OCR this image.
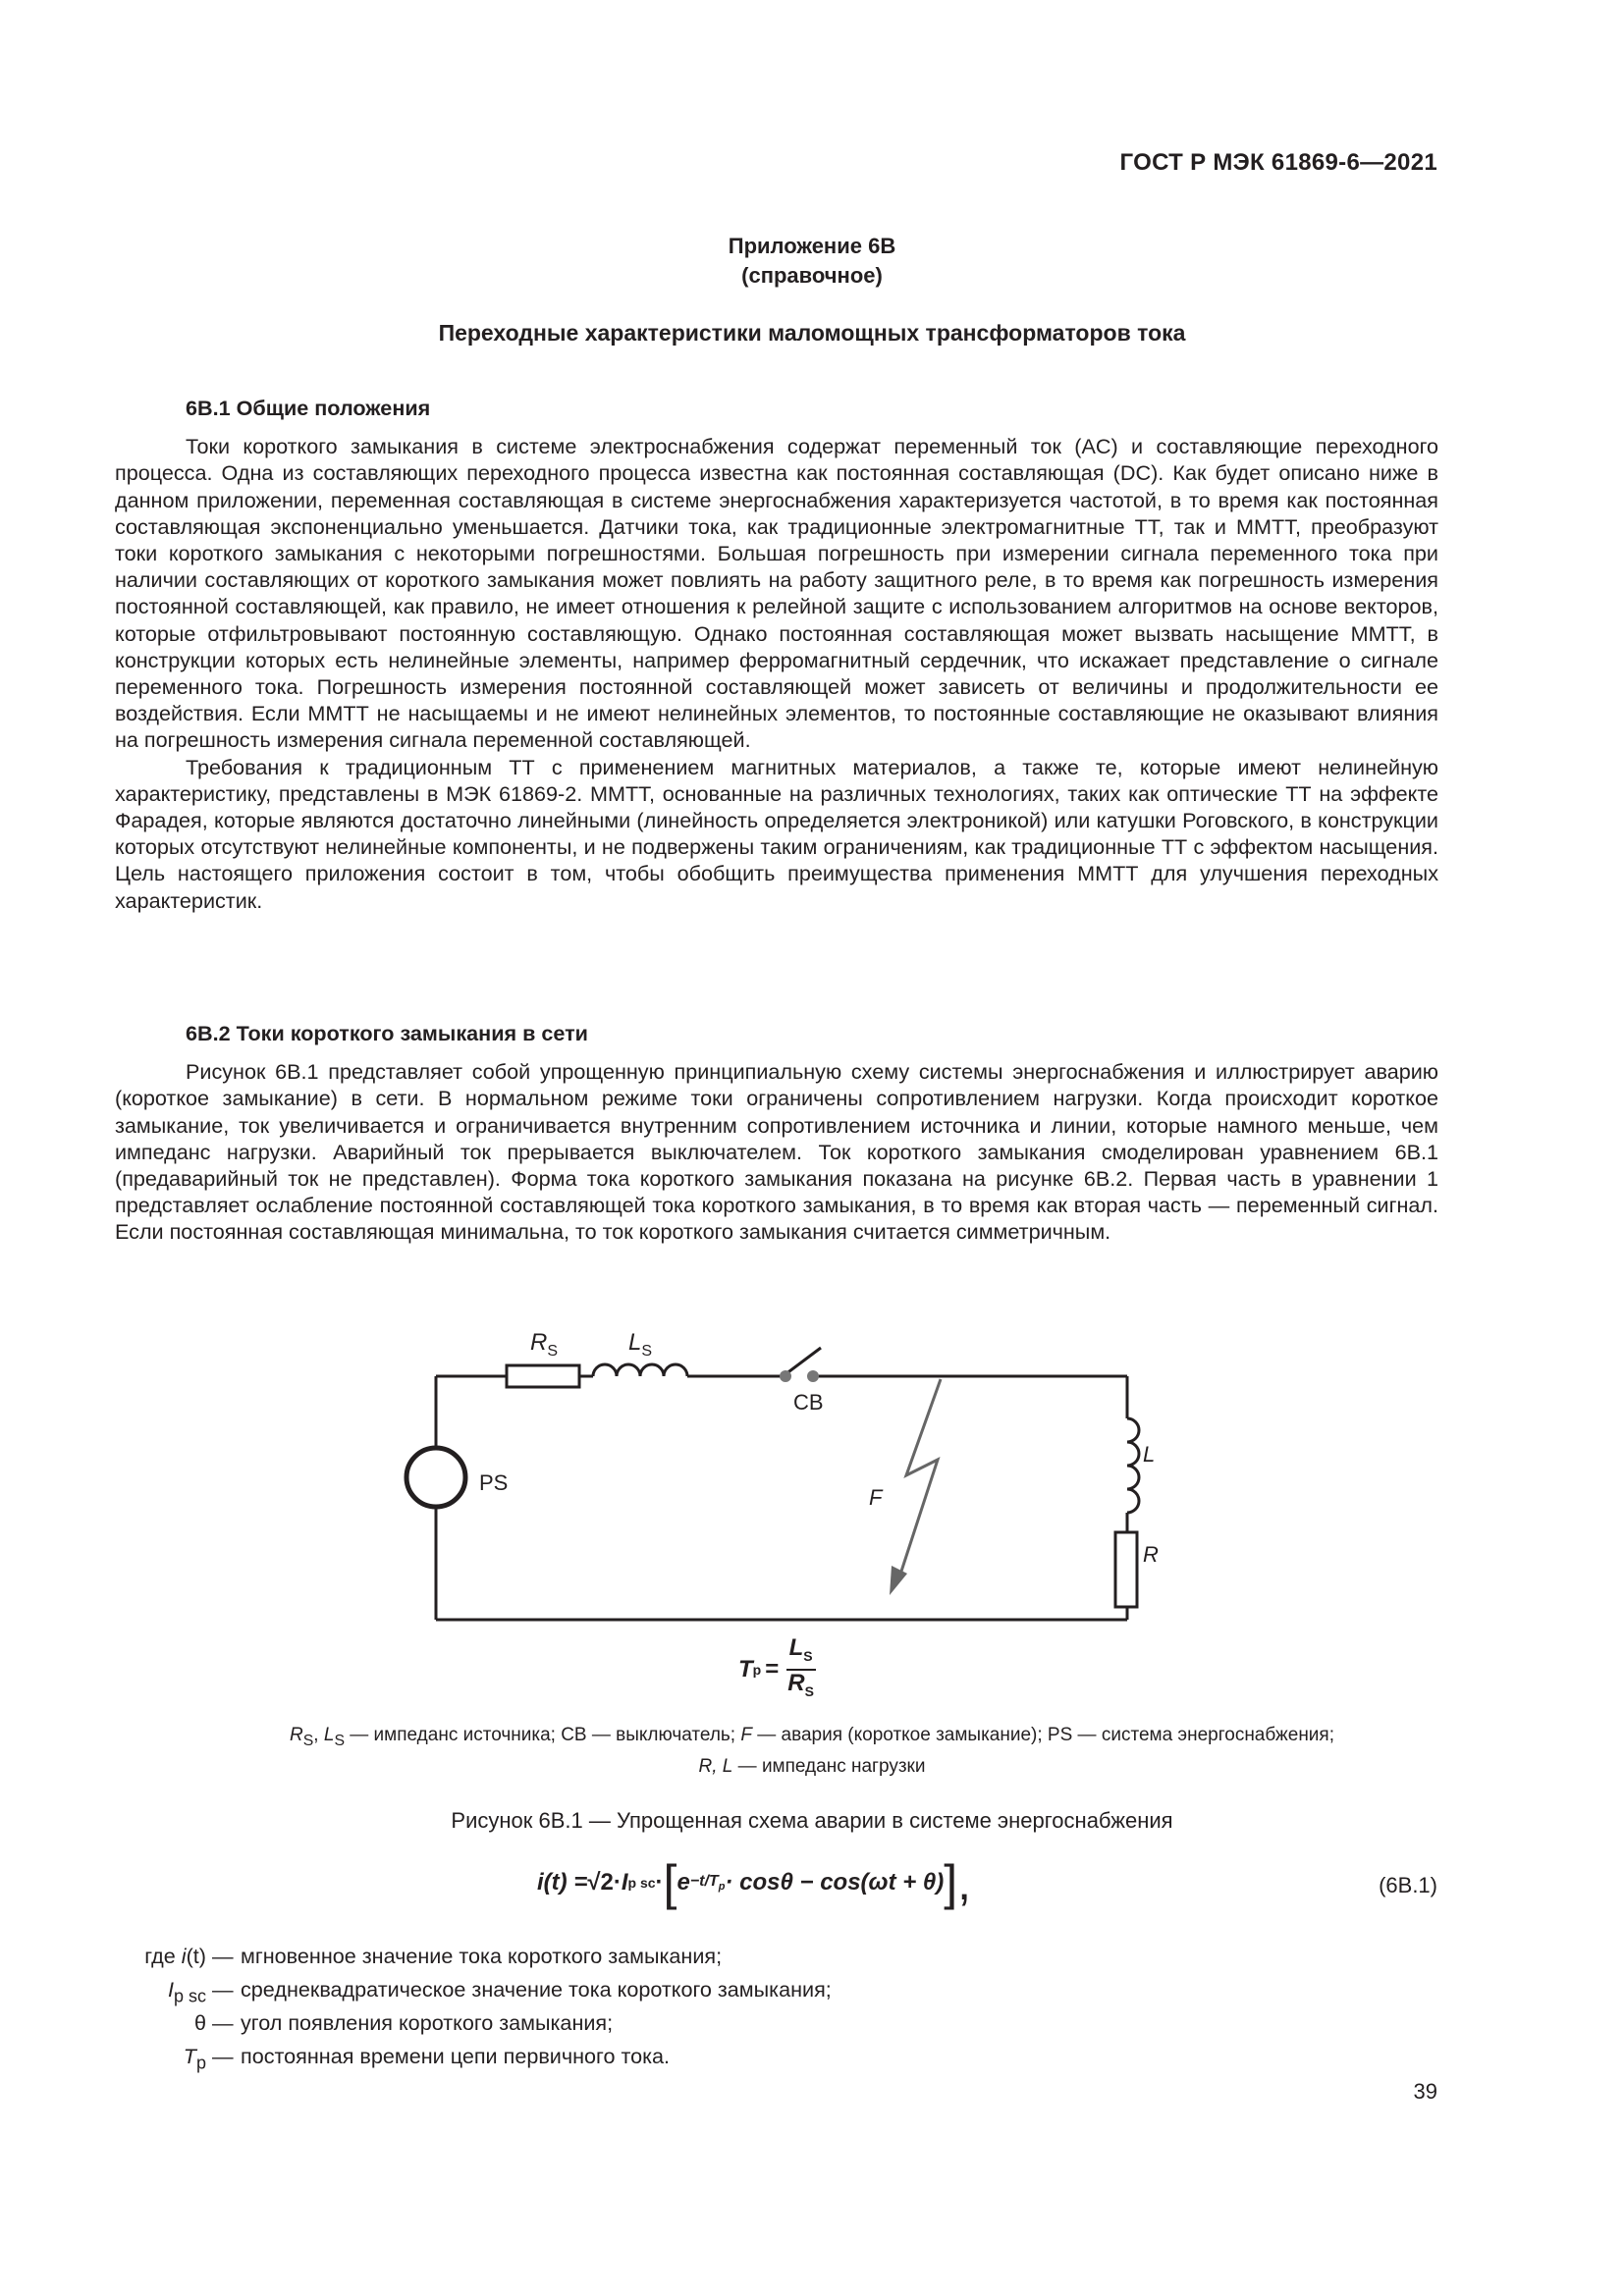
ГОСТ Р МЭК 61869-6—2021
Приложение 6В
(справочное)
Переходные характеристики маломощных трансформаторов тока
6В.1 Общие положения

Токи короткого замыкания в системе электроснабжения содержат переменный ток (AC) и составляющие переходного процесса. Одна из составляющих переходного процесса известна как постоянная составляющая (DC). Как будет описано ниже в данном приложении, переменная составляющая в системе энергоснабжения характеризуется частотой, в то время как постоянная составляющая экспоненциально уменьшается. Датчики тока, как традиционные электромагнитные ТТ, так и ММТТ, преобразуют токи короткого замыкания с некоторыми погрешностями. Большая погрешность при измерении сигнала переменного тока при наличии составляющих от короткого замыкания может повлиять на работу защитного реле, в то время как погрешность измерения постоянной составляющей, как правило, не имеет отношения к релейной защите с использованием алгоритмов на основе векторов, которые отфильтровывают постоянную составляющую. Однако постоянная составляющая может вызвать насыщение ММТТ, в конструкции которых есть нелинейные элементы, например ферромагнитный сердечник, что искажает представление о сигнале переменного тока. Погрешность измерения постоянной составляющей может зависеть от величины и продолжительности ее воздействия. Если ММТТ не насыщаемы и не имеют нелинейных элементов, то постоянные составляющие не оказывают влияния на погрешность измерения сигнала переменной составляющей.

Требования к традиционным ТТ с применением магнитных материалов, а также те, которые имеют нелинейную характеристику, представлены в МЭК 61869-2. ММТТ, основанные на различных технологиях, таких как оптические ТТ на эффекте Фарадея, которые являются достаточно линейными (линейность определяется электроникой) или катушки Роговского, в конструкции которых отсутствуют нелинейные компоненты, и не подвержены таким ограничениям, как традиционные ТТ с эффектом насыщения. Цель настоящего приложения состоит в том, чтобы обобщить преимущества применения ММТТ для улучшения переходных характеристик.

6В.2 Токи короткого замыкания в сети

Рисунок 6В.1 представляет собой упрощенную принципиальную схему системы энергоснабжения и иллюстрирует аварию (короткое замыкание) в сети. В нормальном режиме токи ограничены сопротивлением нагрузки. Когда происходит короткое замыкание, ток увеличивается и ограничивается внутренним сопротивлением источника и линии, которые намного меньше, чем импеданс нагрузки. Аварийный ток прерывается выключателем. Ток короткого замыкания смоделирован уравнением 6В.1 (предаварийный ток не представлен). Форма тока короткого замыкания показана на рисунке 6В.2. Первая часть в уравнении 1 представляет ослабление постоянной составляющей тока короткого замыкания, в то время как вторая часть — переменный сигнал. Если постоянная составляющая минимальна, то ток короткого замыкания считается симметричным.

$R_S$	$L_S$
CB
PS
F
L
R
T $p = \frac{L_S}{R_S}$
$R_S$, $L_S$ — импеданс источника; CB — выключатель; F — авария (короткое замыкание); PS — система энергоснабжения;
R, L — импеданс нагрузки
Рисунок 6В.1 — Упрощенная схема аварии в системе энергоснабжения
i(t) = √2 · I p sc · [ $e -t/T_p \cdot \cos\theta - \cos(\omega t + \theta)$ ],	(6В.1)
где i(t) — мгновенное значение тока короткого замыкания;
$I_{p sc}$ — среднеквадратическое значение тока короткого замыкания;
θ — угол появления короткого замыкания;
$T_p$ — постоянная времени цепи первичного тока.
39
